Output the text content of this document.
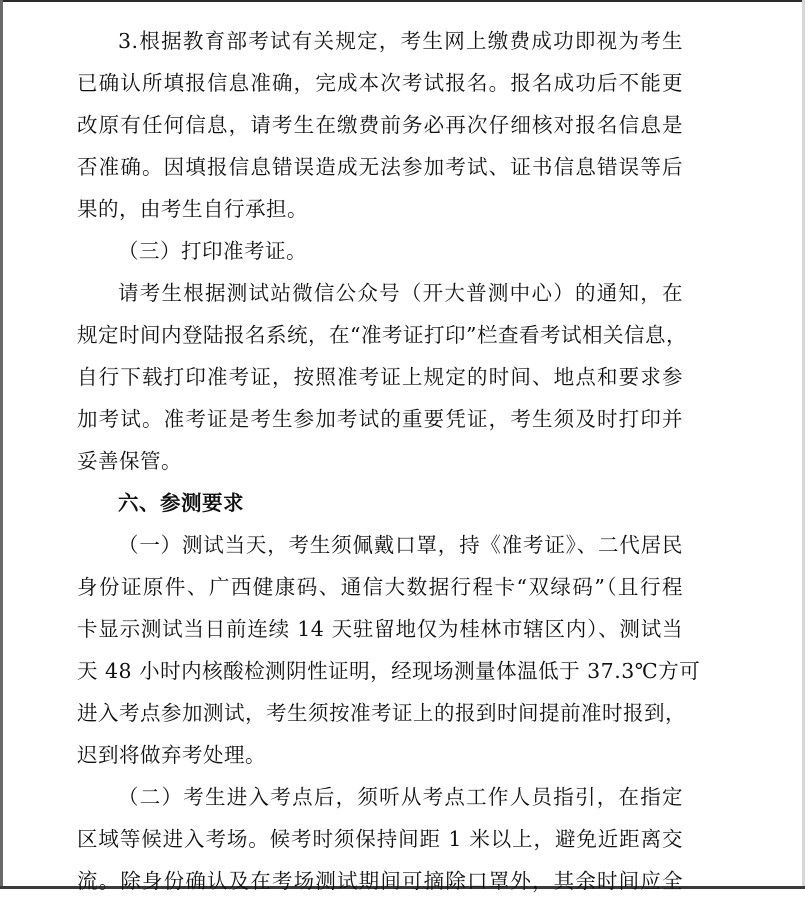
3.根据教育部考试有关规定，考生网上缴费成功即视为考生
已确认所填报信息准确，完成本次考试报名。报名成功后不能更
改原有任何信息，请考生在缴费前务必再次仔细核对报名信息是
否准确。因填报信息错误造成无法参加考试、证书信息错误等后
果的，由考生自行承担。
（三）打印准考证。
请考生根据测试站微信公众号（开大普测中心）的通知，在
规定时间内登陆报名系统，在“准考证打印”栏查看考试相关信息，
自行下载打印准考证，按照准考证上规定的时间、地点和要求参
加考试。准考证是考生参加考试的重要凭证，考生须及时打印并
妥善保管。
六、参测要求
（一）测试当天，考生须佩戴口罩，持《准考证》、二代居民
身份证原件、广西健康码、通信大数据行程卡“双绿码”（且行程
卡显示测试当日前连续 14 天驻留地仅为桂林市辖区内）、测试当
天 48 小时内核酸检测阴性证明，经现场测量体温低于 37.3℃方可
进入考点参加测试，考生须按准考证上的报到时间提前准时报到，
迟到将做弃考处理。
（二）考生进入考点后，须听从考点工作人员指引，在指定
区域等候进入考场。候考时须保持间距 1 米以上，避免近距离交
流。除身份确认及在考场测试期间可摘除口罩外，其余时间应全
